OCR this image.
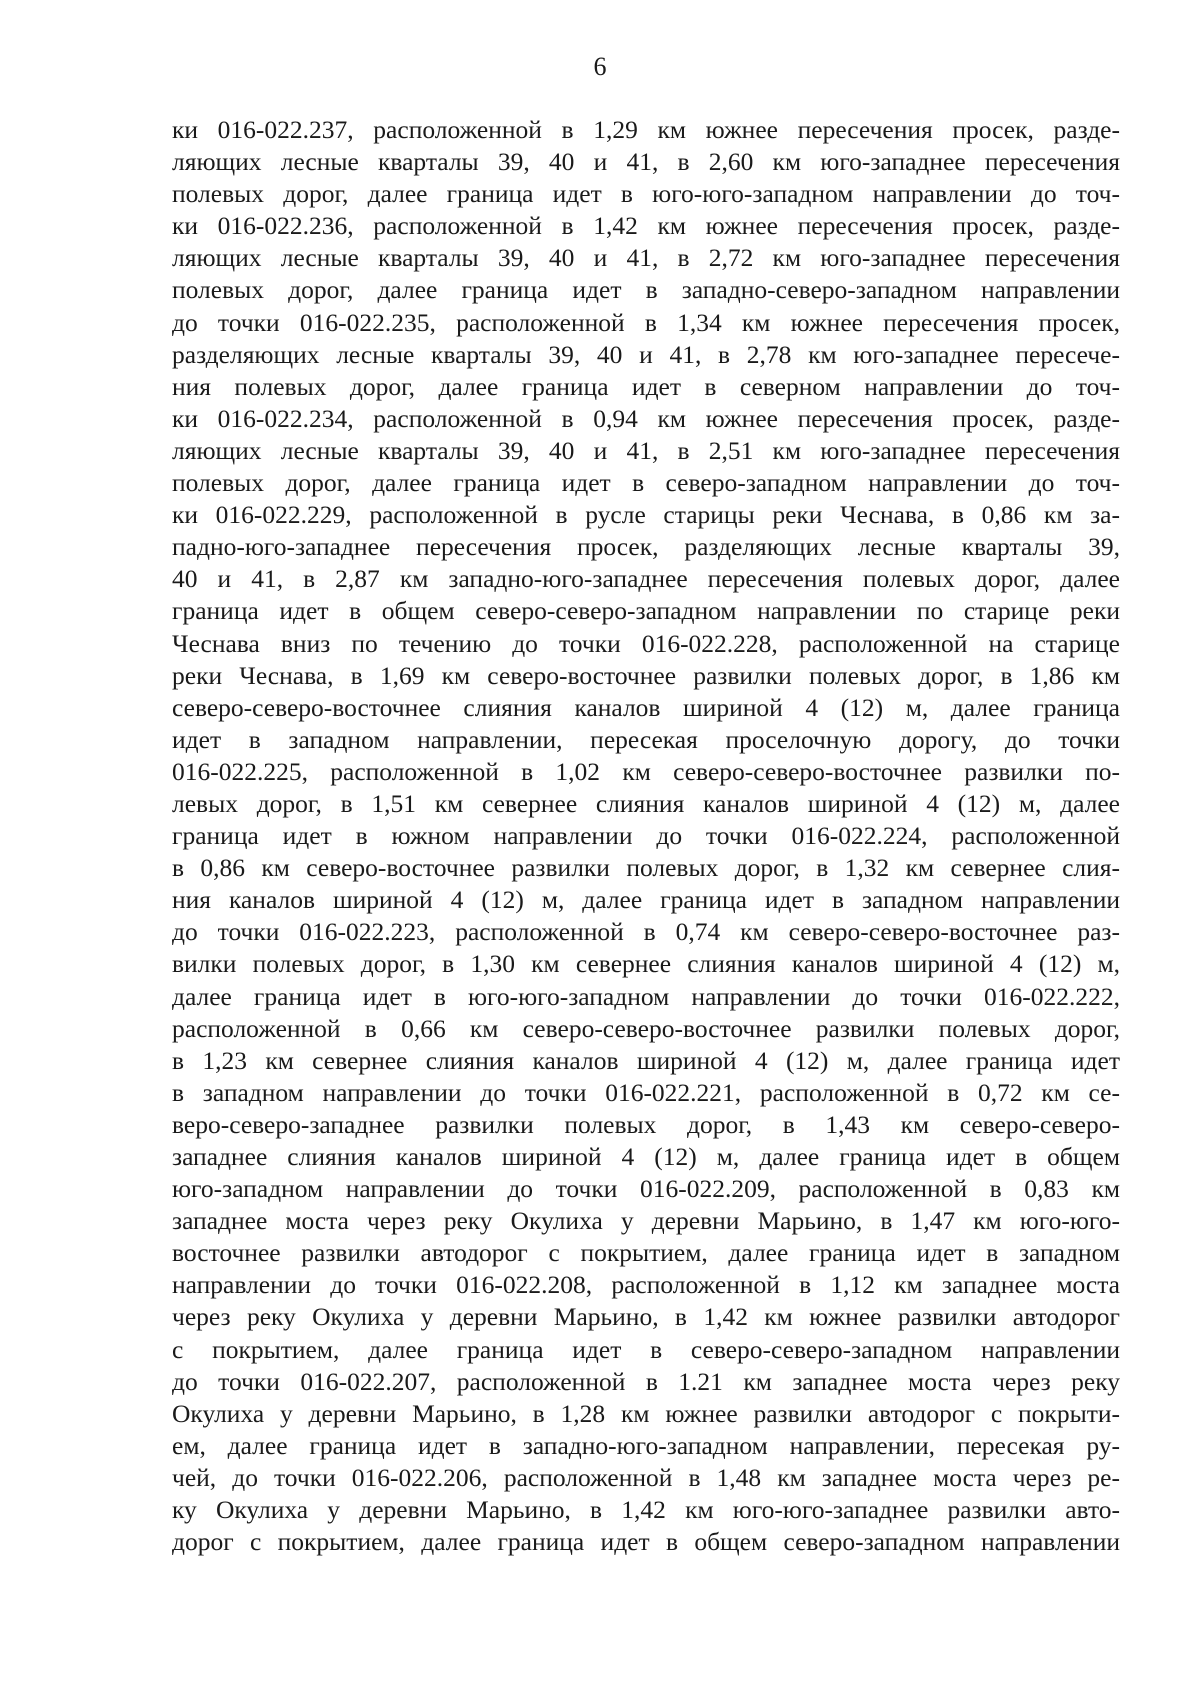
6
ки 016-022.237, расположенной в 1,29 км южнее пересечения просек, разде-
ляющих лесные кварталы 39, 40 и 41, в 2,60 км юго-западнее пересечения
полевых дорог, далее граница идет в юго-юго-западном направлении до точ-
ки 016-022.236, расположенной в 1,42 км южнее пересечения просек, разде-
ляющих лесные кварталы 39, 40 и 41, в 2,72 км юго-западнее пересечения
полевых дорог, далее граница идет в западно-северо-западном направлении
до точки 016-022.235, расположенной в 1,34 км южнее пересечения просек,
разделяющих лесные кварталы 39, 40 и 41, в 2,78 км юго-западнее пересече-
ния полевых дорог, далее граница идет в северном направлении до точ-
ки 016-022.234, расположенной в 0,94 км южнее пересечения просек, разде-
ляющих лесные кварталы 39, 40 и 41, в 2,51 км юго-западнее пересечения
полевых дорог, далее граница идет в северо-западном направлении до точ-
ки 016-022.229, расположенной в русле старицы реки Чеснава, в 0,86 км за-
падно-юго-западнее пересечения просек, разделяющих лесные кварталы 39,
40 и 41, в 2,87 км западно-юго-западнее пересечения полевых дорог, далее
граница идет в общем северо-северо-западном направлении по старице реки
Чеснава вниз по течению до точки 016-022.228, расположенной на старице
реки Чеснава, в 1,69 км северо-восточнее развилки полевых дорог, в 1,86 км
северо-северо-восточнее слияния каналов шириной 4 (12) м, далее граница
идет в западном направлении, пересекая проселочную дорогу, до точки
016-022.225, расположенной в 1,02 км северо-северо-восточнее развилки по-
левых дорог, в 1,51 км севернее слияния каналов шириной 4 (12) м, далее
граница идет в южном направлении до точки 016-022.224, расположенной
в 0,86 км северо-восточнее развилки полевых дорог, в 1,32 км севернее слия-
ния каналов шириной 4 (12) м, далее граница идет в западном направлении
до точки 016-022.223, расположенной в 0,74 км северо-северо-восточнее раз-
вилки полевых дорог, в 1,30 км севернее слияния каналов шириной 4 (12) м,
далее граница идет в юго-юго-западном направлении до точки 016-022.222,
расположенной в 0,66 км северо-северо-восточнее развилки полевых дорог,
в 1,23 км севернее слияния каналов шириной 4 (12) м, далее граница идет
в западном направлении до точки 016-022.221, расположенной в 0,72 км се-
веро-северо-западнее развилки полевых дорог, в 1,43 км северо-северо-
западнее слияния каналов шириной 4 (12) м, далее граница идет в общем
юго-западном направлении до точки 016-022.209, расположенной в 0,83 км
западнее моста через реку Окулиха у деревни Марьино, в 1,47 км юго-юго-
восточнее развилки автодорог с покрытием, далее граница идет в западном
направлении до точки 016-022.208, расположенной в 1,12 км западнее моста
через реку Окулиха у деревни Марьино, в 1,42 км южнее развилки автодорог
с покрытием, далее граница идет в северо-северо-западном направлении
до точки 016-022.207, расположенной в 1.21 км западнее моста через реку
Окулиха у деревни Марьино, в 1,28 км южнее развилки автодорог с покрыти-
ем, далее граница идет в западно-юго-западном направлении, пересекая ру-
чей, до точки 016-022.206, расположенной в 1,48 км западнее моста через ре-
ку Окулиха у деревни Марьино, в 1,42 км юго-юго-западнее развилки авто-
дорог с покрытием, далее граница идет в общем северо-западном направлении
